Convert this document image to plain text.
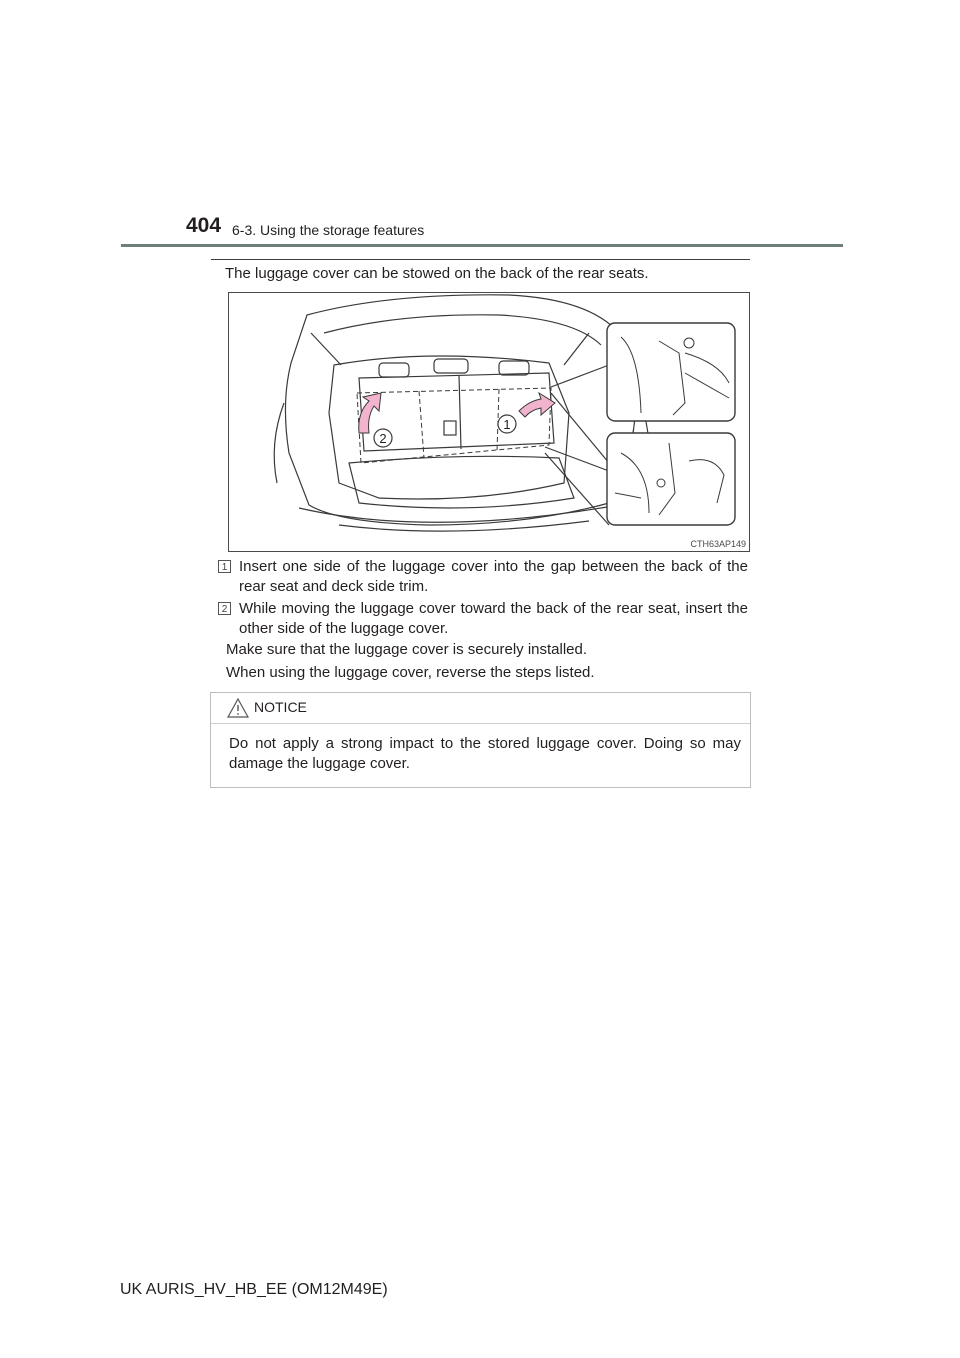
404 6-3. Using the storage features
The luggage cover can be stowed on the back of the rear seats.
2
1
CTH63AP149
1 Insert one side of the luggage cover into the gap between the back of the rear seat and deck side trim.
2 While moving the luggage cover toward the back of the rear seat, insert the other side of the luggage cover.
Make sure that the luggage cover is securely installed.
When using the luggage cover, reverse the steps listed.
NOTICE
Do not apply a strong impact to the stored luggage cover. Doing so may damage the luggage cover.
UK AURIS_HV_HB_EE (OM12M49E)
